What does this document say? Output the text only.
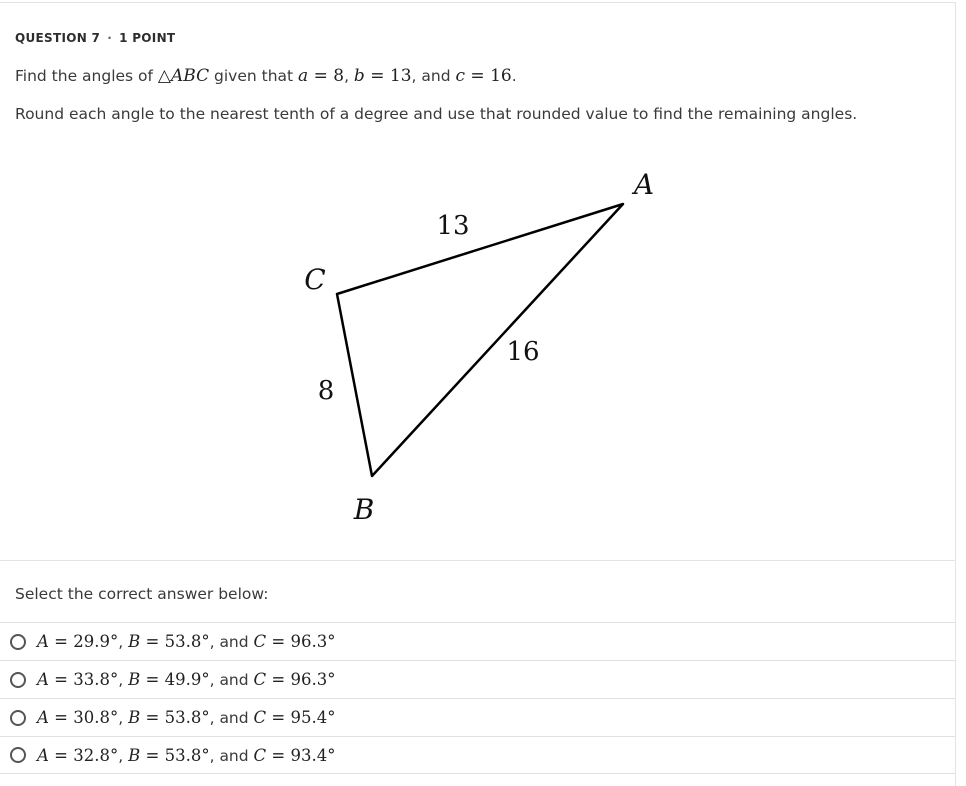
QUESTION 7 · 1 POINT
Find the angles of △ABC given that a = 8, b = 13, and c = 16.
Round each angle to the nearest tenth of a degree and use that rounded value to find the remaining angles.
A
C
B
13
16
8
Select the correct answer below:
A = 29.9°, B = 53.8°, and C = 96.3°
A = 33.8°, B = 49.9°, and C = 96.3°
A = 30.8°, B = 53.8°, and C = 95.4°
A = 32.8°, B = 53.8°, and C = 93.4°
